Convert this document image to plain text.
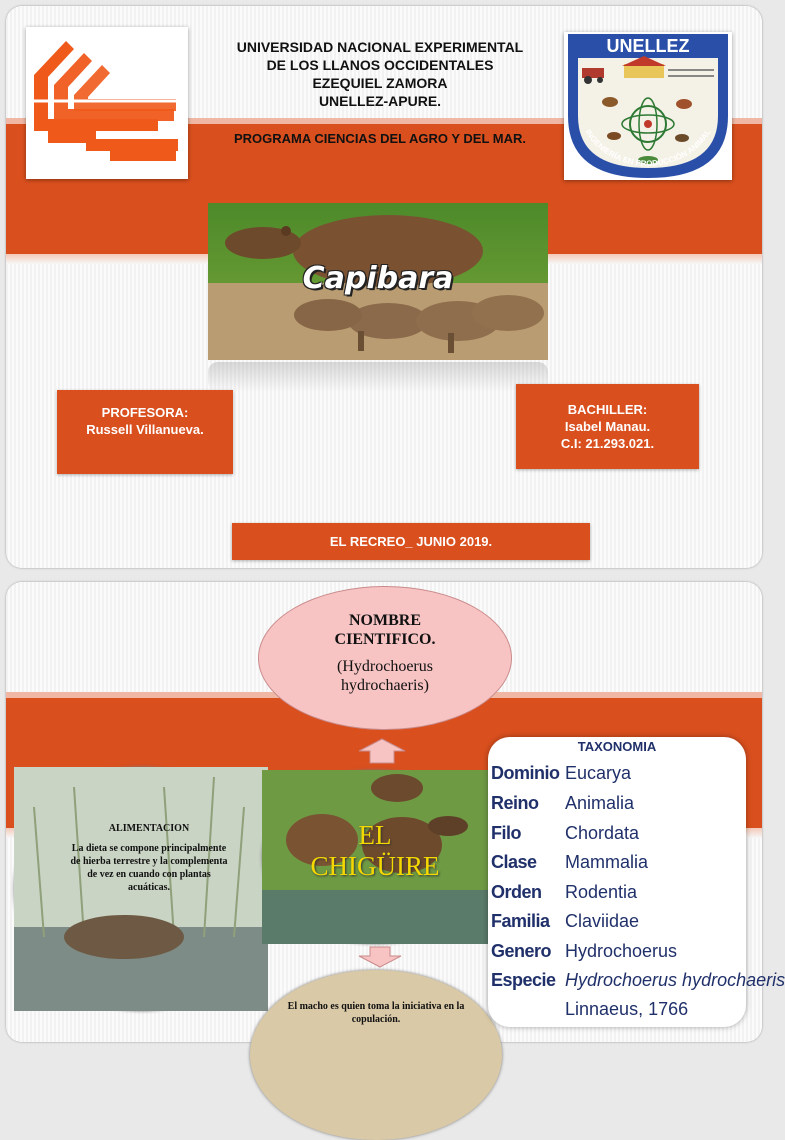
UNIVERSIDAD NACIONAL EXPERIMENTAL
DE LOS LLANOS OCCIDENTALES
EZEQUIEL ZAMORA
UNELLEZ-APURE.
PROGRAMA CIENCIAS DEL AGRO Y DEL MAR.
UNELLEZ
INGENIERÍA EN PRODUCCIÓN ANIMAL
Capibara
PROFESORA:
Russell Villanueva.
BACHILLER:
Isabel Manau.
C.I: 21.293.021.
EL RECREO_ JUNIO 2019.
NOMBRE
CIENTIFICO.
(Hydrochoerus
hydrochaeris)
ALIMENTACION
La dieta se compone principalmente de hierba terrestre y la complementa de vez en cuando con plantas acuáticas.
EL
CHIGÜIRE
El macho es quien toma la iniciativa en la copulación.
TAXONOMIA
Dominio Eucarya
Reino Animalia
Filo Chordata
Clase Mammalia
Orden Rodentia
Familia Claviidae
Genero Hydrochoerus
Especie Hydrochoerus hydrochaeris
Linnaeus, 1766
